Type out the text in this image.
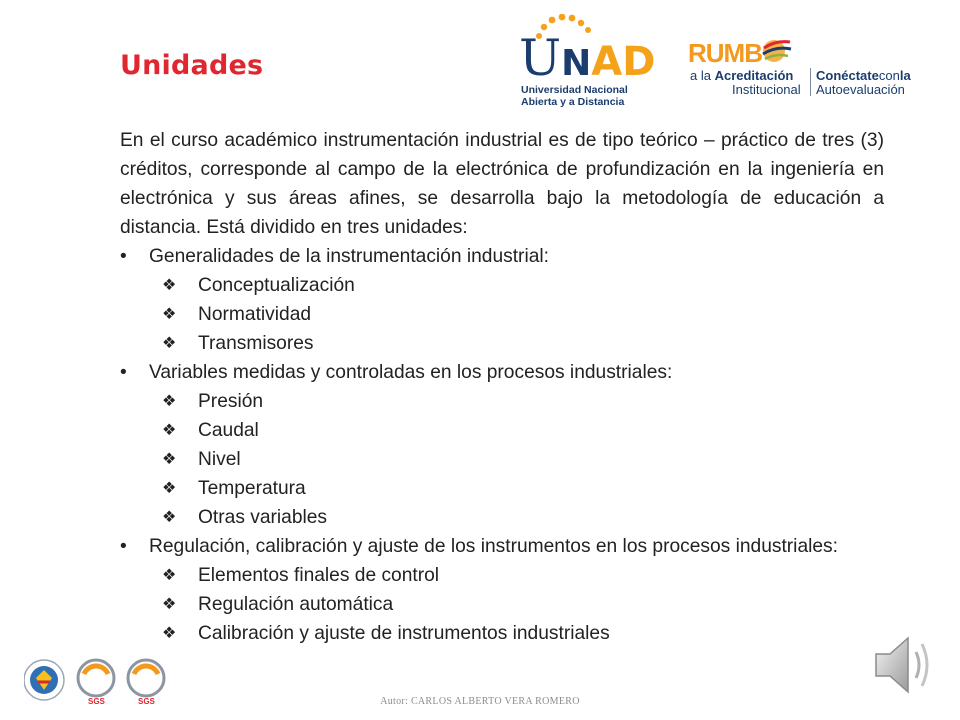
Unidades	UNAD
Universidad Nacional
Abierta y a Distancia
RUMB
a la Acreditación
Institucional
Conéctateconla
Autoevaluación

En el curso académico instrumentación industrial es de tipo teórico – práctico de tres (3) créditos, corresponde al campo de la electrónica de profundización en la ingeniería en electrónica y sus áreas afines, se desarrolla bajo la metodología de educación a distancia. Está dividido en tres unidades:

• Generalidades de la instrumentación industrial:
❖ Conceptualización
❖ Normatividad
❖ Transmisores
• Variables medidas y controladas en los procesos industriales:
❖ Presión
❖ Caudal
❖ Nivel
❖ Temperatura
❖ Otras variables
• Regulación, calibración y ajuste de los instrumentos en los procesos industriales:
❖ Elementos finales de control
❖ Regulación automática
❖ Calibración y ajuste de instrumentos industriales
SGS	SGS	Autor: CARLOS ALBERTO VERA ROMERO
